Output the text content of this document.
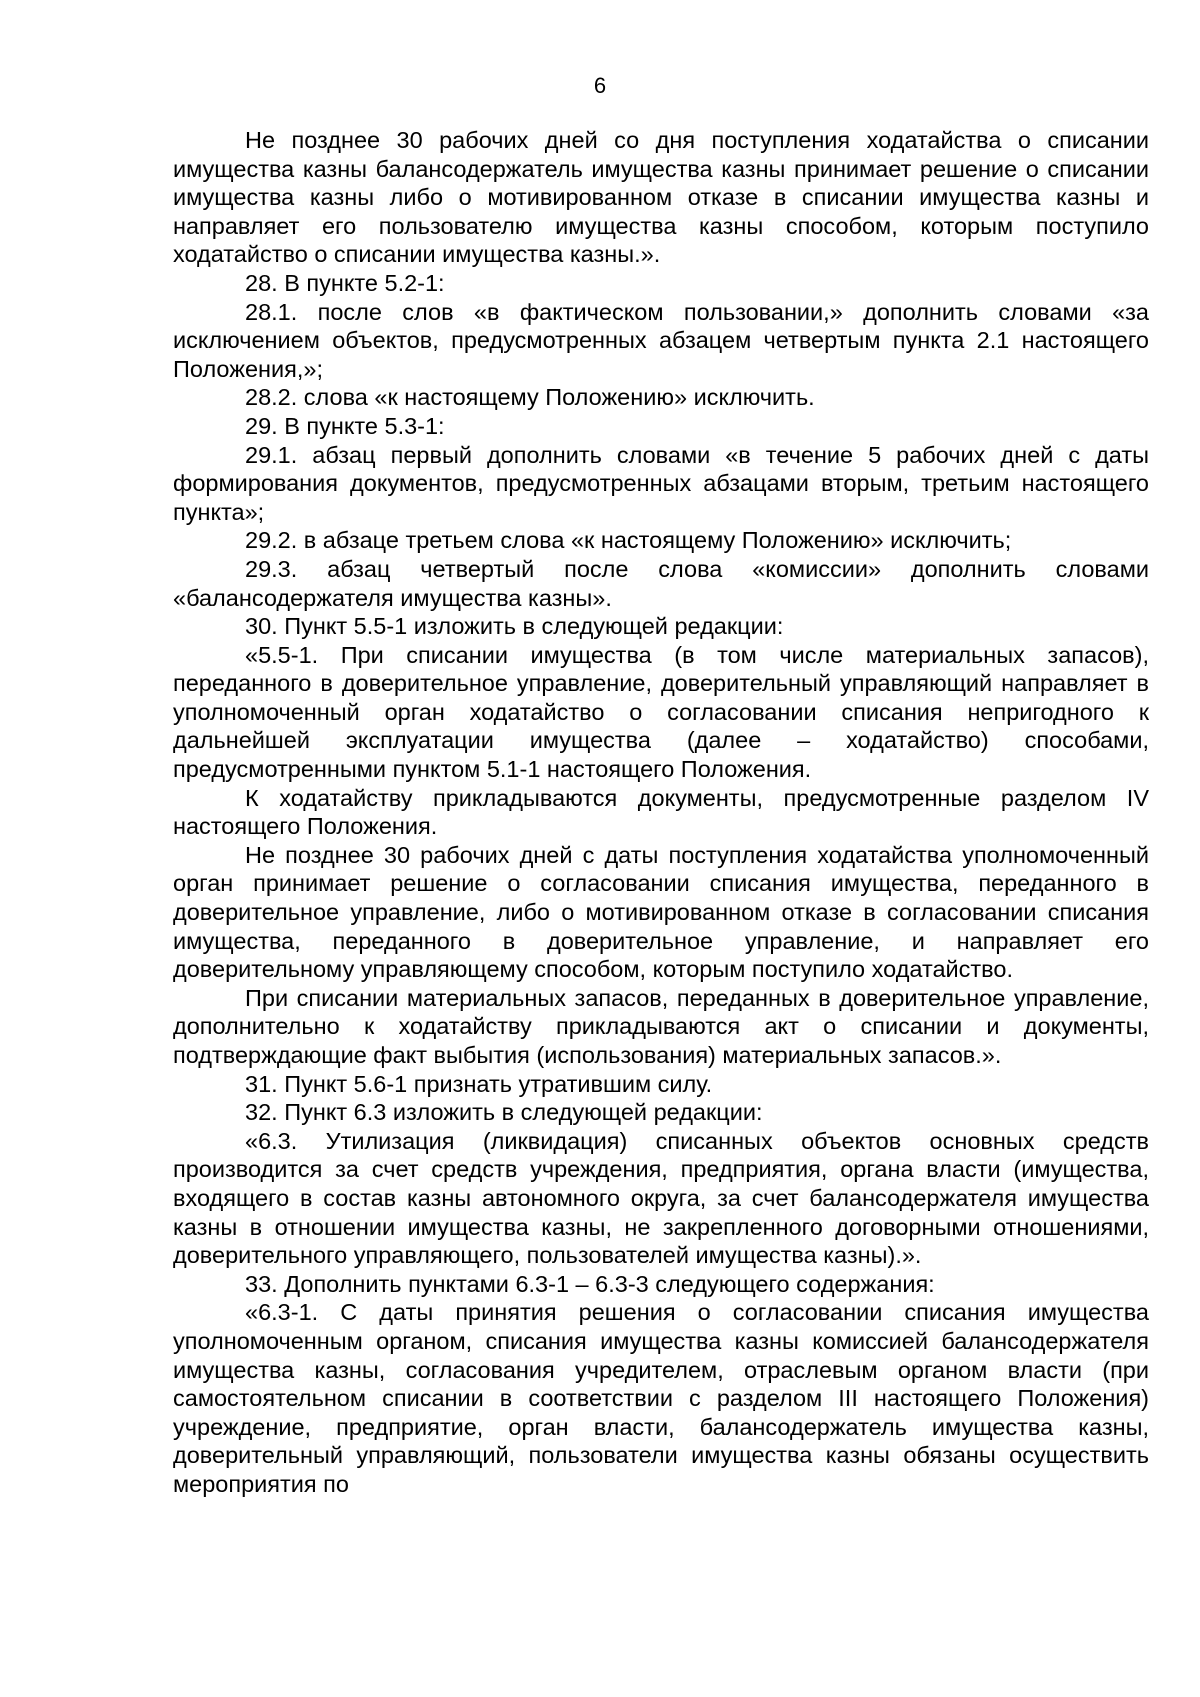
6

Не позднее 30 рабочих дней со дня поступления ходатайства о списании имущества казны балансодержатель имущества казны принимает решение о списании имущества казны либо о мотивированном отказе в списании имущества казны и направляет его пользователю имущества казны способом, которым поступило ходатайство о списании имущества казны.».

28. В пункте 5.2-1:

28.1. после слов «в фактическом пользовании,» дополнить словами «за исключением объектов, предусмотренных абзацем четвертым пункта 2.1 настоящего Положения,»;

28.2. слова «к настоящему Положению» исключить.

29. В пункте 5.3-1:

29.1. абзац первый дополнить словами «в течение 5 рабочих дней с даты формирования документов, предусмотренных абзацами вторым, третьим настоящего пункта»;

29.2. в абзаце третьем слова «к настоящему Положению» исключить;

29.3. абзац четвертый после слова «комиссии» дополнить словами «балансодержателя имущества казны».

30. Пункт 5.5-1 изложить в следующей редакции:

«5.5-1. При списании имущества (в том числе материальных запасов), переданного в доверительное управление, доверительный управляющий направляет в уполномоченный орган ходатайство о согласовании списания непригодного к дальнейшей эксплуатации имущества (далее – ходатайство) способами, предусмотренными пунктом 5.1-1 настоящего Положения.

К ходатайству прикладываются документы, предусмотренные разделом IV настоящего Положения.

Не позднее 30 рабочих дней с даты поступления ходатайства уполномоченный орган принимает решение о согласовании списания имущества, переданного в доверительное управление, либо о мотивированном отказе в согласовании списания имущества, переданного в доверительное управление, и направляет его доверительному управляющему способом, которым поступило ходатайство.

При списании материальных запасов, переданных в доверительное управление, дополнительно к ходатайству прикладываются акт о списании и документы, подтверждающие факт выбытия (использования) материальных запасов.».

31. Пункт 5.6-1 признать утратившим силу.

32. Пункт 6.3 изложить в следующей редакции:

«6.3. Утилизация (ликвидация) списанных объектов основных средств производится за счет средств учреждения, предприятия, органа власти (имущества, входящего в состав казны автономного округа, за счет балансодержателя имущества казны в отношении имущества казны, не закрепленного договорными отношениями, доверительного управляющего, пользователей имущества казны).».

33. Дополнить пунктами 6.3-1 – 6.3-3 следующего содержания:

«6.3-1. С даты принятия решения о согласовании списания имущества уполномоченным органом, списания имущества казны комиссией балансодержателя имущества казны, согласования учредителем, отраслевым органом власти (при самостоятельном списании в соответствии с разделом III настоящего Положения) учреждение, предприятие, орган власти, балансодержатель имущества казны, доверительный управляющий, пользователи имущества казны обязаны осуществить мероприятия по
